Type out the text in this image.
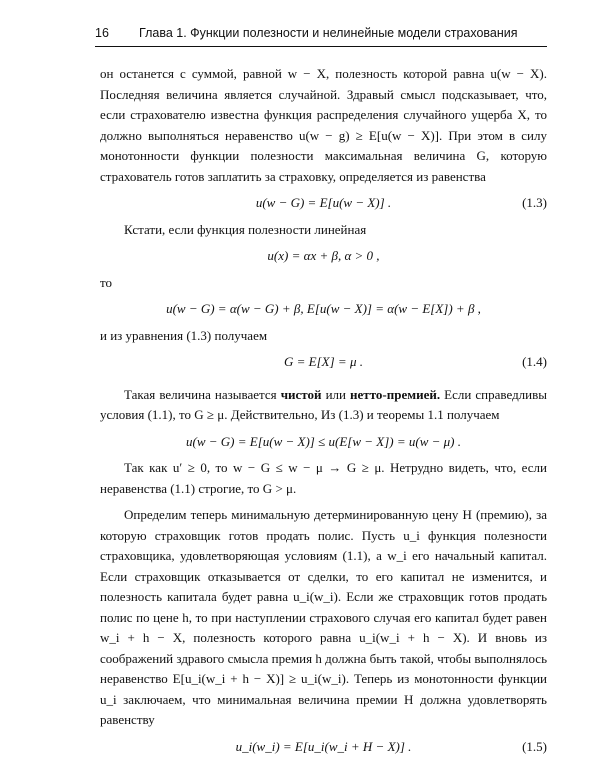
16 Глава 1. Функции полезности и нелинейные модели страхования

он останется с суммой, равной w − X, полезность которой равна u(w − X). Последняя величина является случайной. Здравый смысл подсказывает, что, если страхователю известна функция распределения случайного ущерба X, то должно выполняться неравенство u(w − g) ≥ E[u(w − X)]. При этом в силу монотонности функции полезности максимальная величина G, которую страхователь готов заплатить за страховку, определяется из равенства

u(w − G) = E[u(w − X)] .	(1.3)

Кстати, если функция полезности линейная

u(x) = αx + β, α > 0 ,

то

u(w − G) = α(w − G) + β, E[u(w − X)] = α(w − E[X]) + β ,

и из уравнения (1.3) получаем

G = E[X] = μ .	(1.4)

Такая величина называется чистой или нетто-премией. Если справедливы условия (1.1), то G ≥ μ. Действительно, Из (1.3) и теоремы 1.1 получаем

u(w − G) = E[u(w − X)] ≤ u(E[w − X]) = u(w − μ) .

Так как u′ ≥ 0, то w − G ≤ w − μ → G ≥ μ. Нетрудно видеть, что, если неравенства (1.1) строгие, то G > μ.

Определим теперь минимальную детерминированную цену H (премию), за которую страховщик готов продать полис. Пусть u_i функция полезности страховщика, удовлетворяющая условиям (1.1), а w_i его начальный капитал. Если страховщик отказывается от сделки, то его капитал не изменится, и полезность капитала будет равна u_i(w_i). Если же страховщик готов продать полис по цене h, то при наступлении страхового случая его капитал будет равен w_i + h − X, полезность которого равна u_i(w_i + h − X). И вновь из соображений здравого смысла премия h должна быть такой, чтобы выполнялось неравенство E[u_i(w_i + h − X)] ≥ u_i(w_i). Теперь из монотонности функции u_i заключаем, что минимальная величина премии H должна удовлетворять равенству

u_i(w_i) = E[u_i(w_i + H − X)] .	(1.5)
